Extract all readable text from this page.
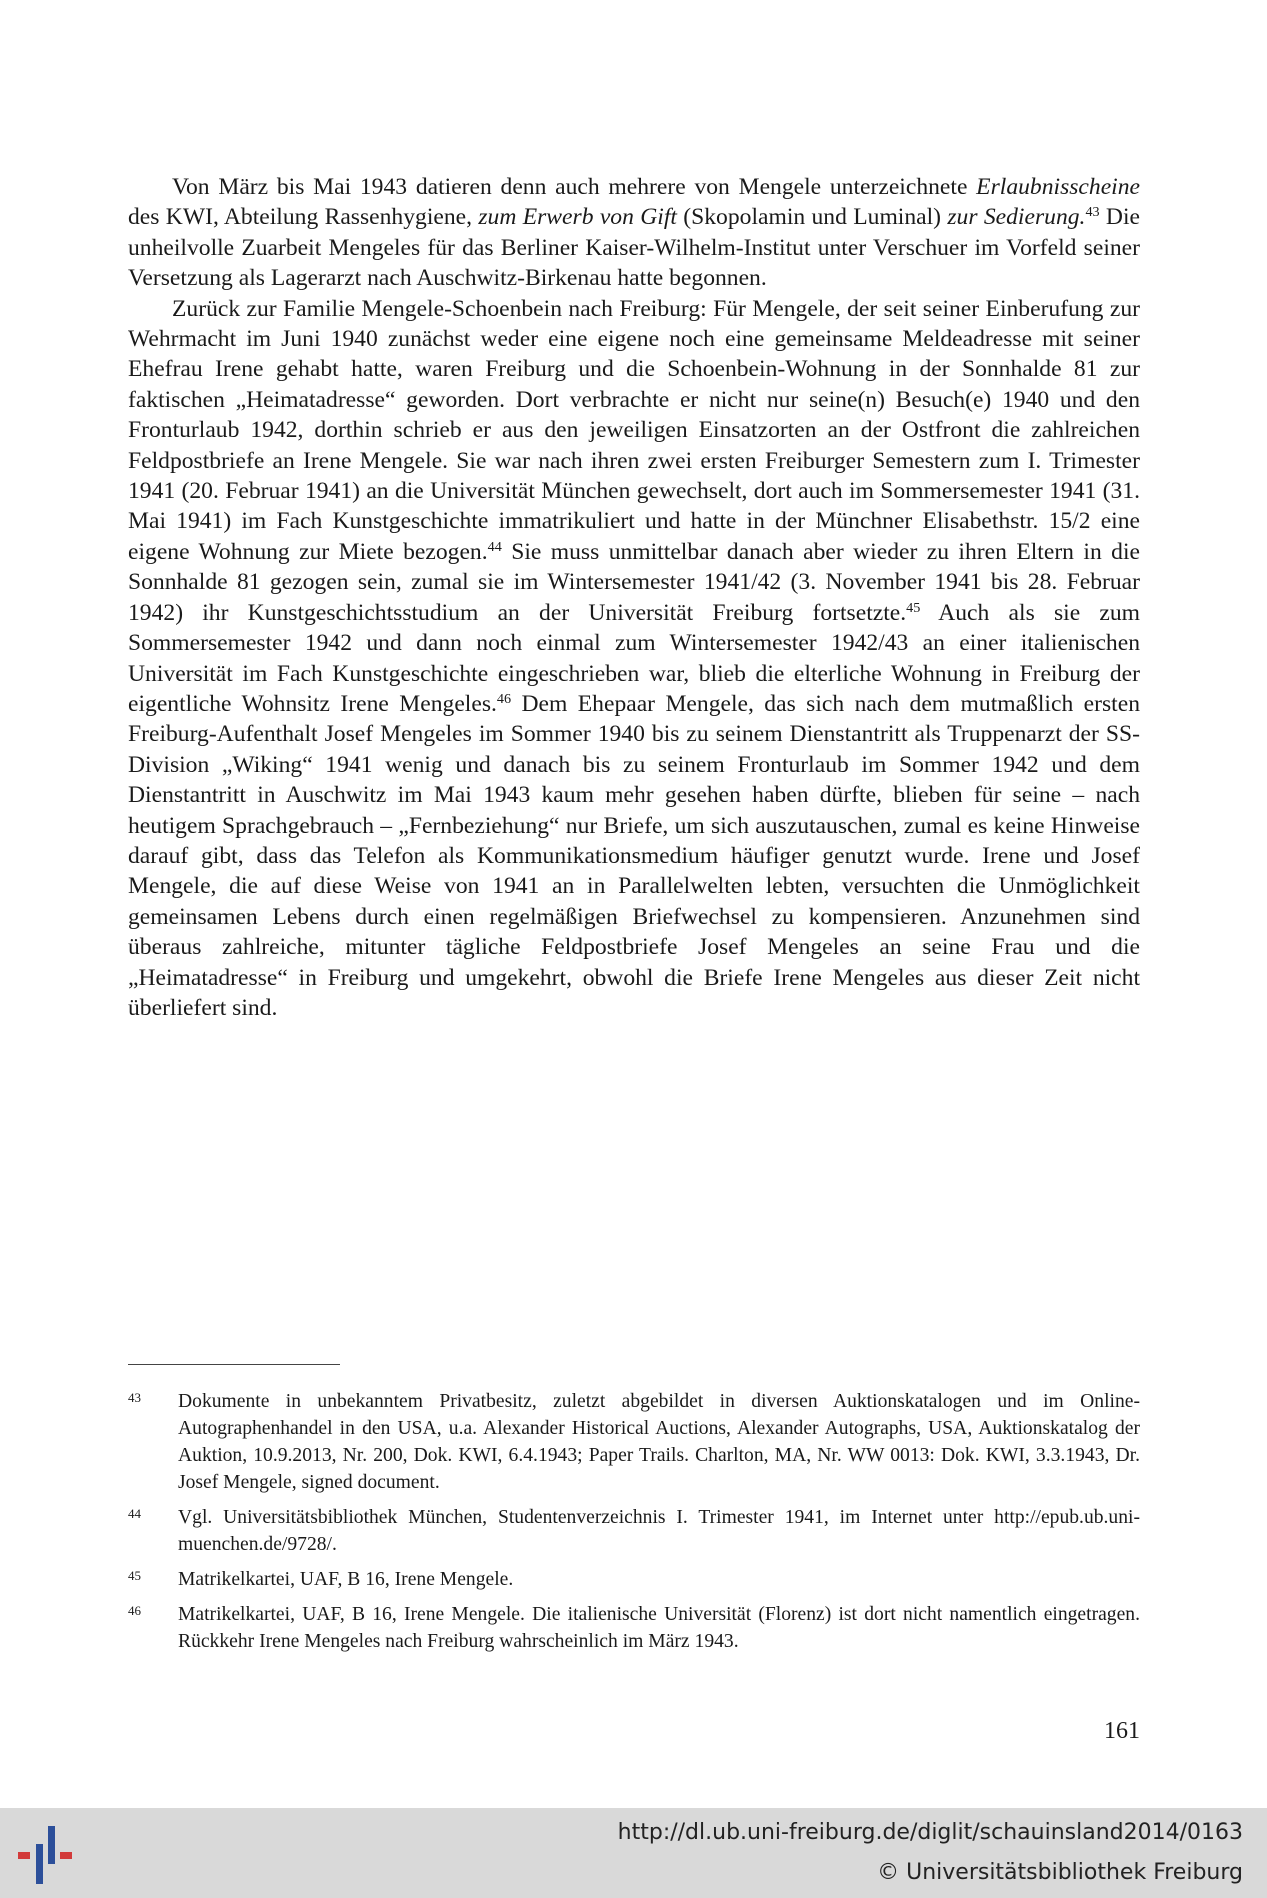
Von März bis Mai 1943 datieren denn auch mehrere von Mengele unterzeichnete Erlaubnisscheine des KWI, Abteilung Rassenhygiene, zum Erwerb von Gift (Skopolamin und Luminal) zur Sedierung.$^{43}$ Die unheilvolle Zuarbeit Mengeles für das Berliner Kaiser-Wilhelm-Institut unter Verschuer im Vorfeld seiner Versetzung als Lagerarzt nach Auschwitz-Birkenau hatte begonnen.

Zurück zur Familie Mengele-Schoenbein nach Freiburg: Für Mengele, der seit seiner Einberufung zur Wehrmacht im Juni 1940 zunächst weder eine eigene noch eine gemeinsame Meldeadresse mit seiner Ehefrau Irene gehabt hatte, waren Freiburg und die Schoenbein-Wohnung in der Sonnhalde 81 zur faktischen „Heimatadresse“ geworden. Dort verbrachte er nicht nur seine(n) Besuch(e) 1940 und den Fronturlaub 1942, dorthin schrieb er aus den jeweiligen Einsatzorten an der Ostfront die zahlreichen Feldpostbriefe an Irene Mengele. Sie war nach ihren zwei ersten Freiburger Semestern zum I. Trimester 1941 (20. Februar 1941) an die Universität München gewechselt, dort auch im Sommersemester 1941 (31. Mai 1941) im Fach Kunstgeschichte immatrikuliert und hatte in der Münchner Elisabethstr. 15/2 eine eigene Wohnung zur Miete bezogen.$^{44}$ Sie muss unmittelbar danach aber wieder zu ihren Eltern in die Sonnhalde 81 gezogen sein, zumal sie im Wintersemester 1941/42 (3. November 1941 bis 28. Februar 1942) ihr Kunstgeschichtsstudium an der Universität Freiburg fortsetzte.$^{45}$ Auch als sie zum Sommersemester 1942 und dann noch einmal zum Wintersemester 1942/43 an einer italienischen Universität im Fach Kunstgeschichte eingeschrieben war, blieb die elterliche Wohnung in Freiburg der eigentliche Wohnsitz Irene Mengeles.$^{46}$ Dem Ehepaar Mengele, das sich nach dem mutmaßlich ersten Freiburg-Aufenthalt Josef Mengeles im Sommer 1940 bis zu seinem Dienstantritt als Truppenarzt der SS-Division „Wiking“ 1941 wenig und danach bis zu seinem Fronturlaub im Sommer 1942 und dem Dienstantritt in Auschwitz im Mai 1943 kaum mehr gesehen haben dürfte, blieben für seine – nach heutigem Sprachgebrauch – „Fernbeziehung“ nur Briefe, um sich auszutauschen, zumal es keine Hinweise darauf gibt, dass das Telefon als Kommunikationsmedium häufiger genutzt wurde. Irene und Josef Mengele, die auf diese Weise von 1941 an in Parallelwelten lebten, versuchten die Unmöglichkeit gemeinsamen Lebens durch einen regelmäßigen Briefwechsel zu kompensieren. Anzunehmen sind überaus zahlreiche, mitunter tägliche Feldpostbriefe Josef Mengeles an seine Frau und die „Heimatadresse“ in Freiburg und umgekehrt, obwohl die Briefe Irene Mengeles aus dieser Zeit nicht überliefert sind.

43	Dokumente in unbekanntem Privatbesitz, zuletzt abgebildet in diversen Auktionskatalogen und im Online-Autographenhandel in den USA, u.a. Alexander Historical Auctions, Alexander Autographs, USA, Auktionskatalog der Auktion, 10.9.2013, Nr. 200, Dok. KWI, 6.4.1943; Paper Trails. Charlton, MA, Nr. WW 0013: Dok. KWI, 3.3.1943, Dr. Josef Mengele, signed document.
44	Vgl. Universitätsbibliothek München, Studentenverzeichnis I. Trimester 1941, im Internet unter http://epub.ub.uni-muenchen.de/9728/.
45	Matrikelkartei, UAF, B 16, Irene Mengele.
46	Matrikelkartei, UAF, B 16, Irene Mengele. Die italienische Universität (Florenz) ist dort nicht namentlich eingetragen. Rückkehr Irene Mengeles nach Freiburg wahrscheinlich im März 1943.
161
http://dl.ub.uni-freiburg.de/diglit/schauinsland2014/0163
© Universitätsbibliothek Freiburg
